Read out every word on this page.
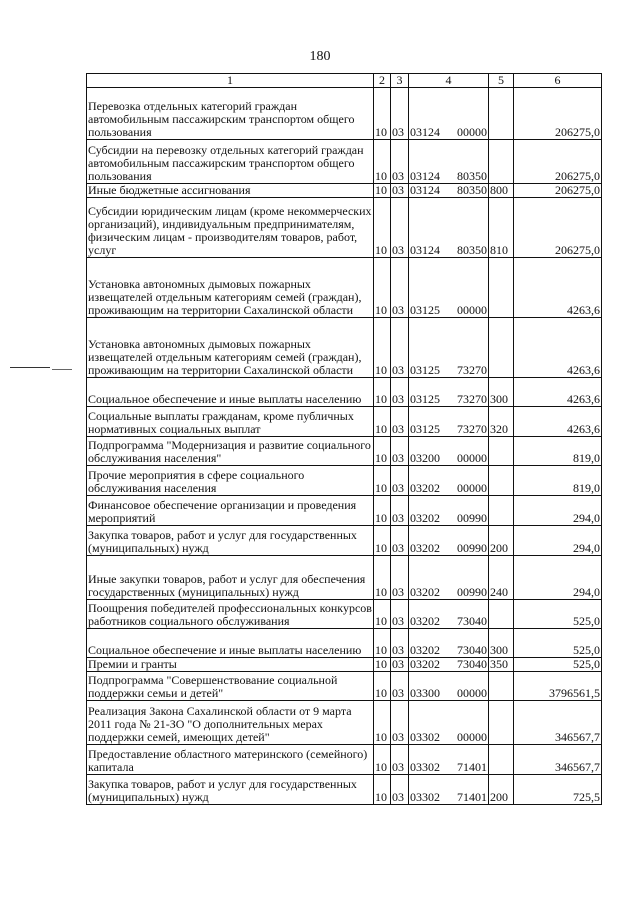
180
1	2	3	4	5	6
Перевозка отдельных категорий граждан автомобильным пассажирским транспортом общего пользования	10	03	03124 00000		206275,0
Субсидии на перевозку отдельных категорий граждан автомобильным пассажирским транспортом общего пользования	10	03	03124 80350		206275,0
Иные бюджетные ассигнования	10	03	03124 80350	800	206275,0
Субсидии юридическим лицам (кроме некоммерческих организаций), индивидуальным предпринимателям, физическим лицам - производителям товаров, работ, услуг	10	03	03124 80350	810	206275,0
Установка автономных дымовых пожарных извещателей отдельным категориям семей (граждан), проживающим на территории Сахалинской области	10	03	03125 00000		4263,6
Установка автономных дымовых пожарных извещателей отдельным категориям семей (граждан), проживающим на территории Сахалинской области	10	03	03125 73270		4263,6
Социальное обеспечение и иные выплаты населению	10	03	03125 73270	300	4263,6
Социальные выплаты гражданам, кроме публичных нормативных социальных выплат	10	03	03125 73270	320	4263,6
Подпрограмма "Модернизация и развитие социального обслуживания населения"	10	03	03200 00000		819,0
Прочие мероприятия в сфере социального обслуживания населения	10	03	03202 00000		819,0
Финансовое обеспечение организации и проведения мероприятий	10	03	03202 00990		294,0
Закупка товаров, работ и услуг для государственных (муниципальных) нужд	10	03	03202 00990	200	294,0
Иные закупки товаров, работ и услуг для обеспечения государственных (муниципальных) нужд	10	03	03202 00990	240	294,0
Поощрения победителей профессиональных конкурсов работников социального обслуживания	10	03	03202 73040		525,0
Социальное обеспечение и иные выплаты населению	10	03	03202 73040	300	525,0
Премии и гранты	10	03	03202 73040	350	525,0
Подпрограмма "Совершенствование социальной поддержки семьи и детей"	10	03	03300 00000		3796561,5
Реализация Закона Сахалинской области от 9 марта 2011 года № 21-ЗО "О дополнительных мерах поддержки семей, имеющих детей"	10	03	03302 00000		346567,7
Предоставление областного материнского (семейного) капитала	10	03	03302 71401		346567,7
Закупка товаров, работ и услуг для государственных (муниципальных) нужд	10	03	03302 71401	200	725,5
